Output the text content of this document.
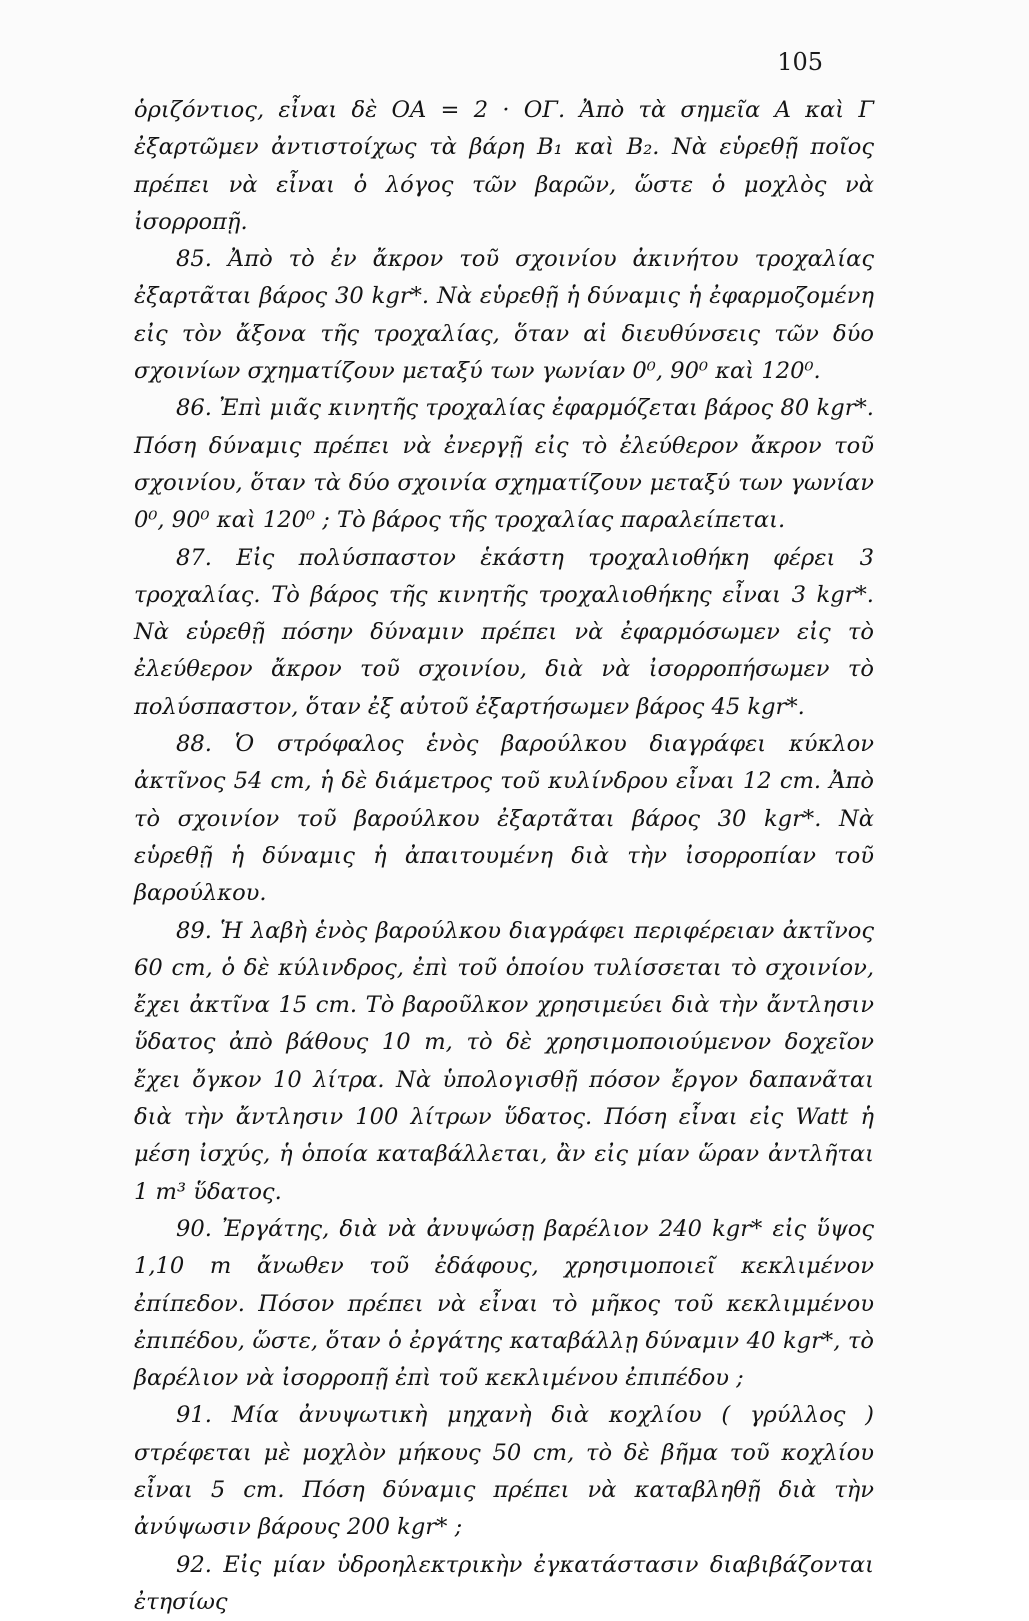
105

ὁριζόντιος, εἶναι δὲ ΟΑ = 2 · ΟΓ. Ἀπὸ τὰ σημεῖα Α καὶ Γ ἐξαρτῶμεν ἀντιστοίχως τὰ βάρη B₁ καὶ B₂. Νὰ εὑρεθῇ ποῖος πρέπει νὰ εἶναι ὁ λόγος τῶν βαρῶν, ὥστε ὁ μοχλὸς νὰ ἰσορροπῇ.

85. Ἀπὸ τὸ ἐν ἄκρον τοῦ σχοινίου ἀκινήτου τροχαλίας ἐξαρτᾶται βάρος 30 kgr*. Νὰ εὑρεθῇ ἡ δύναμις ἡ ἐφαρμοζομένη εἰς τὸν ἄξονα τῆς τροχαλίας, ὅταν αἱ διευθύνσεις τῶν δύο σχοινίων σχηματίζουν μεταξύ των γωνίαν 0⁰, 90⁰ καὶ 120⁰.

86. Ἐπὶ μιᾶς κινητῆς τροχαλίας ἐφαρμόζεται βάρος 80 kgr*. Πόση δύναμις πρέπει νὰ ἐνεργῇ εἰς τὸ ἐλεύθερον ἄκρον τοῦ σχοινίου, ὅταν τὰ δύο σχοινία σχηματίζουν μεταξύ των γωνίαν 0⁰, 90⁰ καὶ 120⁰ ; Τὸ βάρος τῆς τροχαλίας παραλείπεται.

87. Εἰς πολύσπαστον ἑκάστη τροχαλιοθήκη φέρει 3 τροχαλίας. Τὸ βάρος τῆς κινητῆς τροχαλιοθήκης εἶναι 3 kgr*. Νὰ εὑρεθῇ πόσην δύναμιν πρέπει νὰ ἐφαρμόσωμεν εἰς τὸ ἐλεύθερον ἄκρον τοῦ σχοινίου, διὰ νὰ ἰσορροπήσωμεν τὸ πολύσπαστον, ὅταν ἐξ αὐτοῦ ἐξαρτήσωμεν βάρος 45 kgr*.

88. Ὁ στρόφαλος ἑνὸς βαρούλκου διαγράφει κύκλον ἀκτῖνος 54 cm, ἡ δὲ διάμετρος τοῦ κυλίνδρου εἶναι 12 cm. Ἀπὸ τὸ σχοινίον τοῦ βαρούλκου ἐξαρτᾶται βάρος 30 kgr*. Νὰ εὑρεθῇ ἡ δύναμις ἡ ἀπαιτουμένη διὰ τὴν ἰσορροπίαν τοῦ βαρούλκου.

89. Ἡ λαβὴ ἑνὸς βαρούλκου διαγράφει περιφέρειαν ἀκτῖνος 60 cm, ὁ δὲ κύλινδρος, ἐπὶ τοῦ ὁποίου τυλίσσεται τὸ σχοινίον, ἔχει ἀκτῖνα 15 cm. Τὸ βαροῦλκον χρησιμεύει διὰ τὴν ἄντλησιν ὕδατος ἀπὸ βάθους 10 m, τὸ δὲ χρησιμοποιούμενον δοχεῖον ἔχει ὄγκον 10 λίτρα. Νὰ ὑπολογισθῇ πόσον ἔργον δαπανᾶται διὰ τὴν ἄντλησιν 100 λίτρων ὕδατος. Πόση εἶναι εἰς Watt ἡ μέση ἰσχύς, ἡ ὁποία καταβάλλεται, ἂν εἰς μίαν ὥραν ἀντλῆται 1 m³ ὕδατος.

90. Ἐργάτης, διὰ νὰ ἀνυψώσῃ βαρέλιον 240 kgr* εἰς ὕψος 1,10 m ἄνωθεν τοῦ ἐδάφους, χρησιμοποιεῖ κεκλιμένον ἐπίπεδον. Πόσον πρέπει νὰ εἶναι τὸ μῆκος τοῦ κεκλιμμένου ἐπιπέδου, ὥστε, ὅταν ὁ ἐργάτης καταβάλλῃ δύναμιν 40 kgr*, τὸ βαρέλιον νὰ ἰσορροπῇ ἐπὶ τοῦ κεκλιμένου ἐπιπέδου ;

91. Μία ἀνυψωτικὴ μηχανὴ διὰ κοχλίου ( γρύλλος ) στρέφεται μὲ μοχλὸν μήκους 50 cm, τὸ δὲ βῆμα τοῦ κοχλίου εἶναι 5 cm. Πόση δύναμις πρέπει νὰ καταβληθῇ διὰ τὴν ἀνύψωσιν βάρους 200 kgr* ;

92. Εἰς μίαν ὑδροηλεκτρικὴν ἐγκατάστασιν διαβιβάζονται ἐτησίως
